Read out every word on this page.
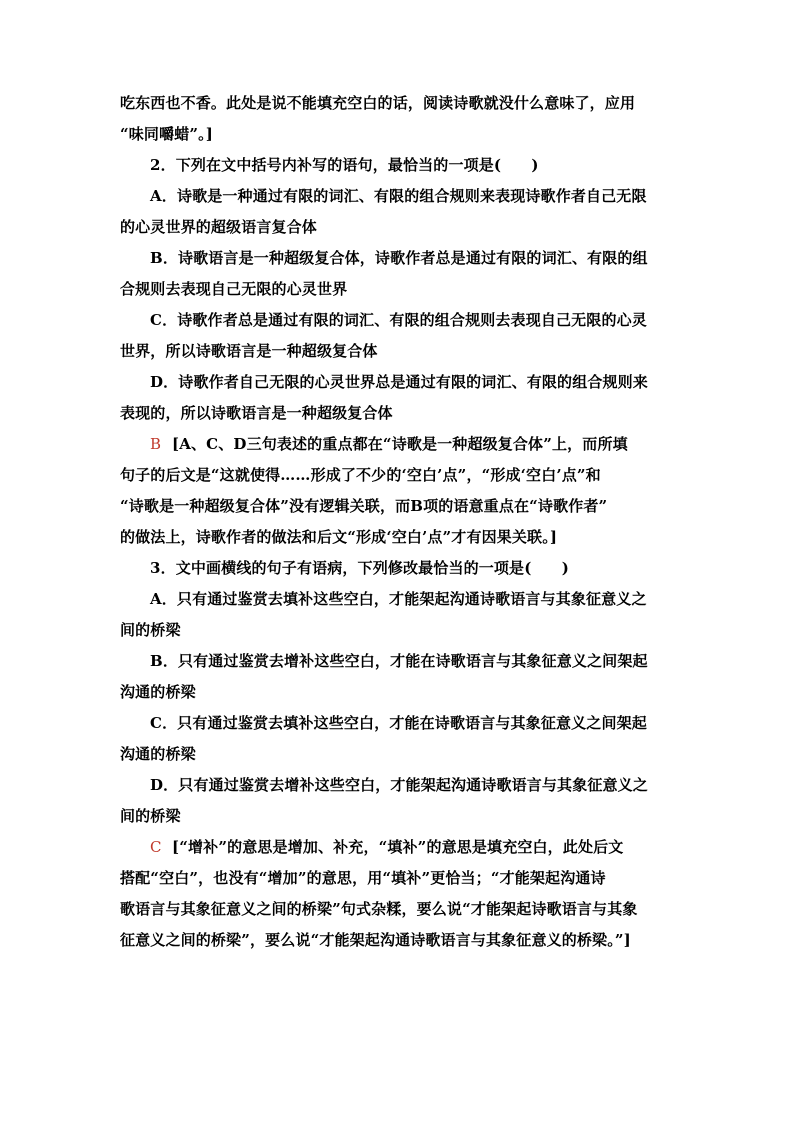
吃东西也不香。此处是说不能填充空白的话，阅读诗歌就没什么意味了，应用
“味同嚼蜡”。]
2．下列在文中括号内补写的语句，最恰当的一项是(　　)
A．诗歌是一种通过有限的词汇、有限的组合规则来表现诗歌作者自己无限
的心灵世界的超级语言复合体
B．诗歌语言是一种超级复合体，诗歌作者总是通过有限的词汇、有限的组
合规则去表现自己无限的心灵世界
C．诗歌作者总是通过有限的词汇、有限的组合规则去表现自己无限的心灵
世界，所以诗歌语言是一种超级复合体
D．诗歌作者自己无限的心灵世界总是通过有限的词汇、有限的组合规则来
表现的，所以诗歌语言是一种超级复合体
B [A、C、D三句表述的重点都在“诗歌是一种超级复合体”上，而所填
句子的后文是“这就使得……形成了不少的‘空白’点”，“形成‘空白’点”和
“诗歌是一种超级复合体”没有逻辑关联，而B项的语意重点在“诗歌作者”
的做法上，诗歌作者的做法和后文“形成‘空白’点”才有因果关联。]
3．文中画横线的句子有语病，下列修改最恰当的一项是(　　)
A．只有通过鉴赏去填补这些空白，才能架起沟通诗歌语言与其象征意义之
间的桥梁
B．只有通过鉴赏去增补这些空白，才能在诗歌语言与其象征意义之间架起
沟通的桥梁
C．只有通过鉴赏去填补这些空白，才能在诗歌语言与其象征意义之间架起
沟通的桥梁
D．只有通过鉴赏去增补这些空白，才能架起沟通诗歌语言与其象征意义之
间的桥梁
C [“增补”的意思是增加、补充，“填补”的意思是填充空白，此处后文
搭配“空白”，也没有“增加”的意思，用“填补”更恰当；“才能架起沟通诗
歌语言与其象征意义之间的桥梁”句式杂糅，要么说“才能架起诗歌语言与其象
征意义之间的桥梁”，要么说“才能架起沟通诗歌语言与其象征意义的桥梁。”]
